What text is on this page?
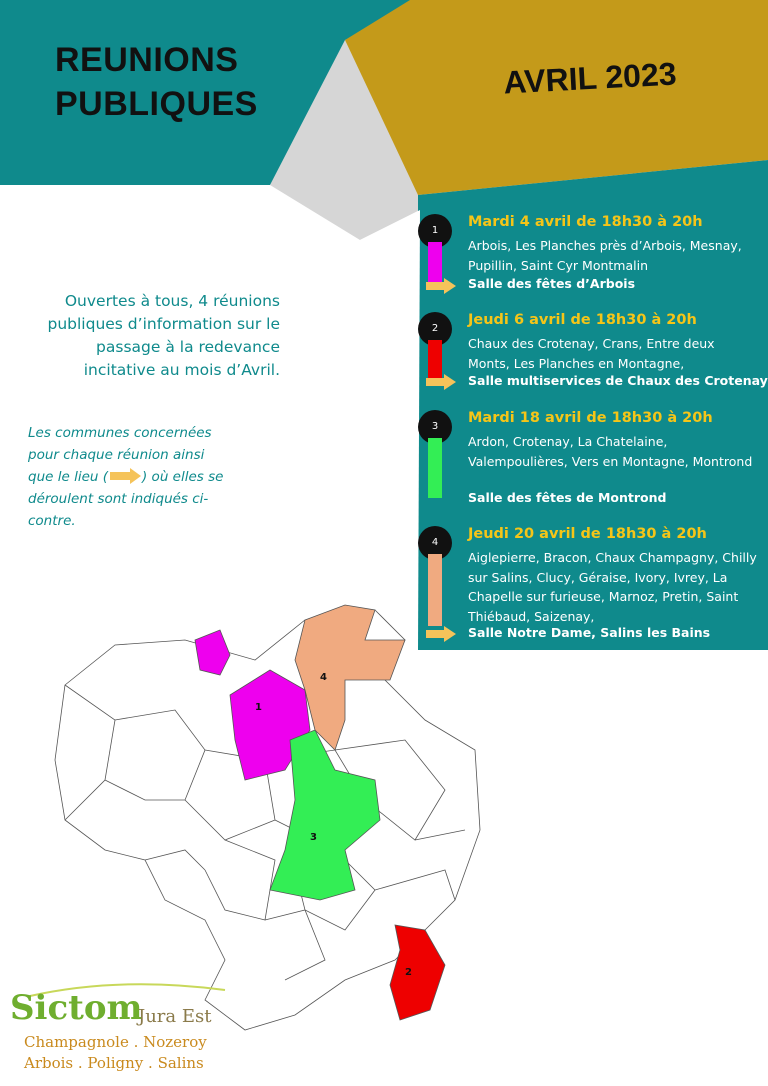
REUNIONS
PUBLIQUES
AVRIL 2023
Ouvertes à tous, 4 réunions publiques d’information sur le passage à la redevance incitative au mois d’Avril.
Les communes concernées pour chaque réunion ainsi que le lieu (	) où elles se déroulent sont indiqués ci-contre.
1
Mardi 4 avril de 18h30 à 20h
Arbois, Les Planches près d’Arbois, Mesnay, Pupillin, Saint Cyr Montmalin
Salle des fêtes d’Arbois
2
Jeudi 6 avril de 18h30 à 20h
Chaux des Crotenay, Crans, Entre deux Monts, Les Planches en Montagne,
Salle multiservices de Chaux des Crotenay
3
Mardi 18 avril de 18h30 à 20h
Ardon, Crotenay, La Chatelaine, Valempoulières, Vers en Montagne, Montrond
Salle des fêtes de Montrond
4
Jeudi 20 avril de 18h30 à 20h
Aiglepierre, Bracon, Chaux Champagny, Chilly sur Salins, Clucy, Géraise, Ivory, Ivrey, La Chapelle sur furieuse, Marnoz, Pretin, Saint Thiébaud, Saizenay,
Salle Notre Dame, Salins les Bains
1
2
3
4
Sictom
Jura Est
Champagnole . Nozeroy
Arbois . Poligny . Salins
